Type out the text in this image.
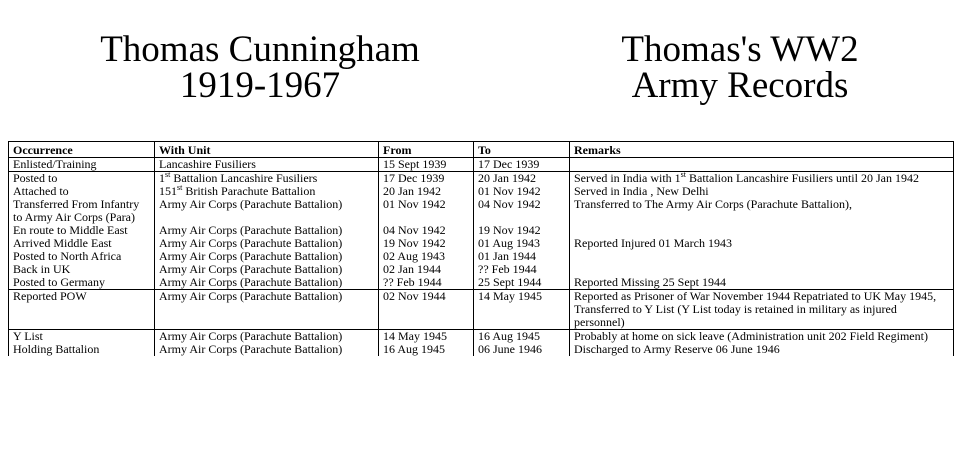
Thomas Cunningham
1919-1967
Thomas's WW2
Army Records
Occurrence	With Unit	From	To	Remarks
Enlisted/Training	Lancashire Fusiliers	15 Sept 1939	17 Dec 1939	
Posted to	1st Battalion Lancashire Fusiliers	17 Dec 1939	20 Jan 1942	Served in India with 1st Battalion Lancashire Fusiliers until 20 Jan 1942
Attached to	151st British Parachute Battalion	20 Jan 1942	01 Nov 1942	Served in India , New Delhi
Transferred From Infantry to Army Air Corps (Para)	Army Air Corps (Parachute Battalion)	01 Nov 1942	04 Nov 1942	Transferred to The Army Air Corps (Parachute Battalion),
En route to Middle East	Army Air Corps (Parachute Battalion)	04 Nov 1942	19 Nov 1942	
Arrived Middle East	Army Air Corps (Parachute Battalion)	19 Nov 1942	01 Aug 1943	Reported Injured 01 March 1943
Posted to North Africa	Army Air Corps (Parachute Battalion)	02 Aug 1943	01 Jan 1944	
Back in UK	Army Air Corps (Parachute Battalion)	02 Jan 1944	?? Feb 1944	
Posted to Germany	Army Air Corps (Parachute Battalion)	?? Feb 1944	25 Sept 1944	Reported Missing 25 Sept 1944
Reported POW	Army Air Corps (Parachute Battalion)	02 Nov 1944	14 May 1945	Reported as Prisoner of War November 1944 Repatriated to UK May 1945, Transferred to Y List (Y List today is retained in military as injured personnel)
Y List	Army Air Corps (Parachute Battalion)	14 May 1945	16 Aug 1945	Probably at home on sick leave (Administration unit 202 Field Regiment)
Holding Battalion	Army Air Corps (Parachute Battalion)	16 Aug 1945	06 June 1946	Discharged to Army Reserve 06 June 1946
